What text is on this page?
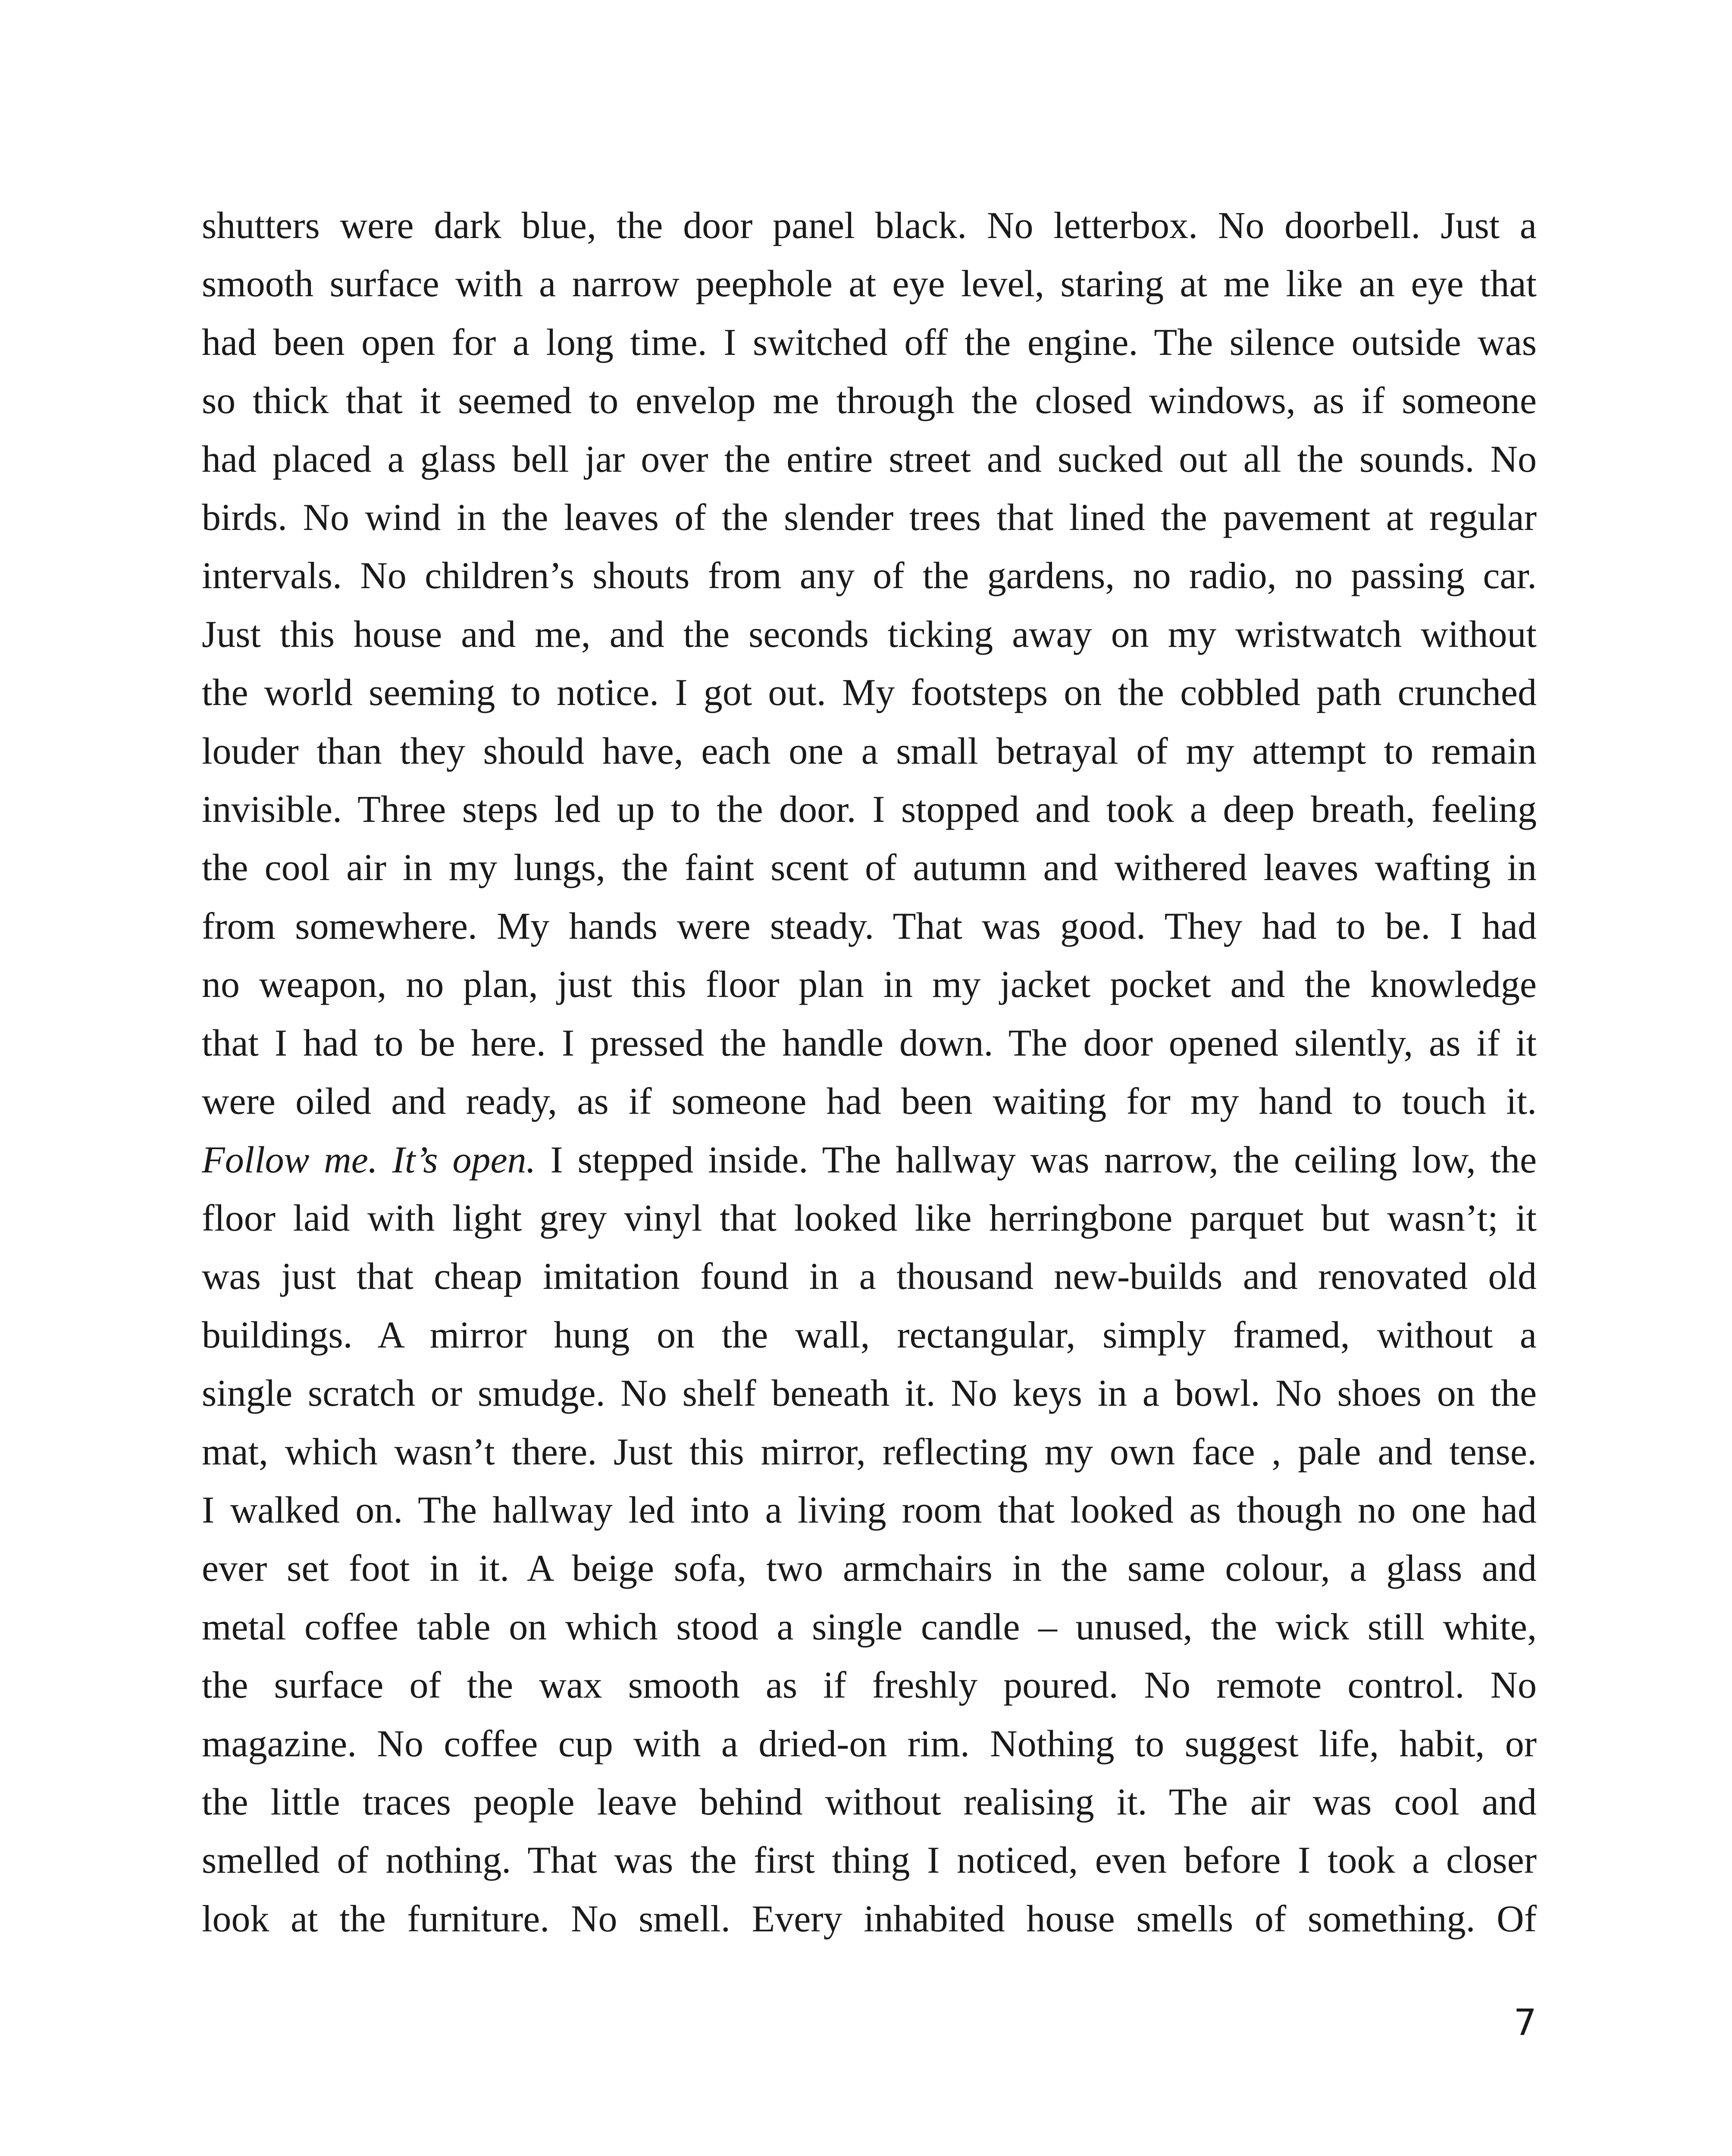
shutters were dark blue, the door panel black. No letterbox. No doorbell. Just a
smooth surface with a narrow peephole at eye level, staring at me like an eye that
had been open for a long time. I switched off the engine. The silence outside was
so thick that it seemed to envelop me through the closed windows, as if someone
had placed a glass bell jar over the entire street and sucked out all the sounds. No
birds. No wind in the leaves of the slender trees that lined the pavement at regular
intervals. No children’s shouts from any of the gardens, no radio, no passing car.
Just this house and me, and the seconds ticking away on my wristwatch without
the world seeming to notice. I got out. My footsteps on the cobbled path crunched
louder than they should have, each one a small betrayal of my attempt to remain
invisible. Three steps led up to the door. I stopped and took a deep breath, feeling
the cool air in my lungs, the faint scent of autumn and withered leaves wafting in
from somewhere. My hands were steady. That was good. They had to be. I had
no weapon, no plan, just this floor plan in my jacket pocket and the knowledge
that I had to be here. I pressed the handle down. The door opened silently, as if it
were oiled and ready, as if someone had been waiting for my hand to touch it.
Follow me. It’s open. I stepped inside. The hallway was narrow, the ceiling low, the
floor laid with light grey vinyl that looked like herringbone parquet but wasn’t; it
was just that cheap imitation found in a thousand new-builds and renovated old
buildings. A mirror hung on the wall, rectangular, simply framed, without a
single scratch or smudge. No shelf beneath it. No keys in a bowl. No shoes on the
mat, which wasn’t there. Just this mirror, reflecting my own face , pale and tense.
I walked on. The hallway led into a living room that looked as though no one had
ever set foot in it. A beige sofa, two armchairs in the same colour, a glass and
metal coffee table on which stood a single candle – unused, the wick still white,
the surface of the wax smooth as if freshly poured. No remote control. No
magazine. No coffee cup with a dried-on rim. Nothing to suggest life, habit, or
the little traces people leave behind without realising it. The air was cool and
smelled of nothing. That was the first thing I noticed, even before I took a closer
look at the furniture. No smell. Every inhabited house smells of something. Of
7
